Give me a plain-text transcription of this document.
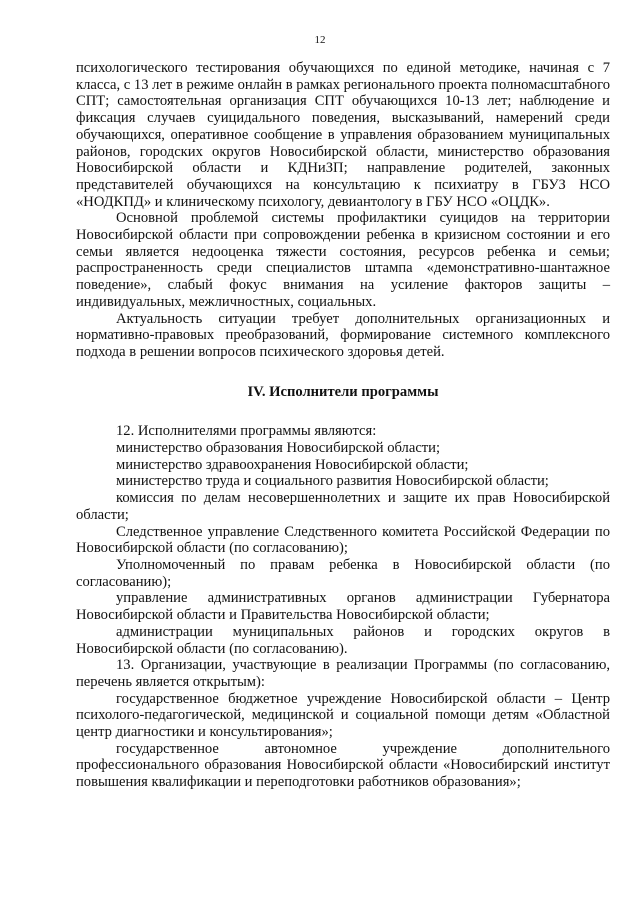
12

психологического тестирования обучающихся по единой методике, начиная с 7 класса, с 13 лет в режиме онлайн в рамках регионального проекта полномасштабного СПТ; самостоятельная организация СПТ обучающихся 10-13 лет; наблюдение и фиксация случаев суицидального поведения, высказываний, намерений среди обучающихся, оперативное сообщение в управления образованием муниципальных районов, городских округов Новосибирской области, министерство образования Новосибирской области и КДНиЗП; направление родителей, законных представителей обучающихся на консультацию к психиатру в ГБУЗ НСО «НОДКПД» и клиническому психологу, девиантологу в ГБУ НСО «ОЦДК».

Основной проблемой системы профилактики суицидов на территории Новосибирской области при сопровождении ребенка в кризисном состоянии и его семьи является недооценка тяжести состояния, ресурсов ребенка и семьи; распространенность среди специалистов штампа «демонстративно-шантажное поведение», слабый фокус внимания на усиление факторов защиты – индивидуальных, межличностных, социальных.

Актуальность ситуации требует дополнительных организационных и нормативно-правовых преобразований, формирование системного комплексного подхода в решении вопросов психического здоровья детей.

IV. Исполнители программы

12. Исполнителями программы являются:

министерство образования Новосибирской области;

министерство здравоохранения Новосибирской области;

министерство труда и социального развития Новосибирской области;

комиссия по делам несовершеннолетних и защите их прав Новосибирской области;

Следственное управление Следственного комитета Российской Федерации по Новосибирской области (по согласованию);

Уполномоченный по правам ребенка в Новосибирской области (по согласованию);

управление административных органов администрации Губернатора Новосибирской области и Правительства Новосибирской области;

администрации муниципальных районов и городских округов в Новосибирской области (по согласованию).

13. Организации, участвующие в реализации Программы (по согласованию, перечень является открытым):

государственное бюджетное учреждение Новосибирской области – Центр психолого-педагогической, медицинской и социальной помощи детям «Областной центр диагностики и консультирования»;

государственное автономное учреждение дополнительного профессионального образования Новосибирской области «Новосибирский институт повышения квалификации и переподготовки работников образования»;
